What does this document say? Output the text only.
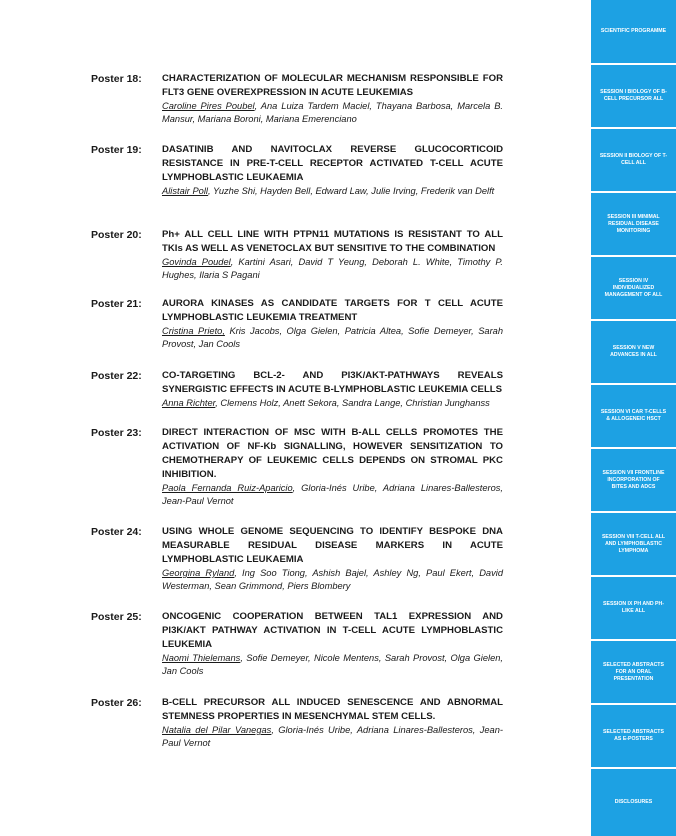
Poster 18:	CHARACTERIZATION OF MOLECULAR MECHANISM RESPONSIBLE FOR FLT3 GENE OVEREXPRESSION IN ACUTE LEUKEMIAS
Caroline Pires Poubel, Ana Luiza Tardem Maciel, Thayana Barbosa, Marcela B. Mansur, Mariana Boroni, Mariana Emerenciano
Poster 19:	DASATINIB AND NAVITOCLAX REVERSE GLUCOCORTICOID RESISTANCE IN PRE-T-CELL RECEPTOR ACTIVATED T-CELL ACUTE LYMPHOBLASTIC LEUKAEMIA
Alistair Poll, Yuzhe Shi, Hayden Bell, Edward Law, Julie Irving, Frederik van Delft
Poster 20:	Ph+ ALL CELL LINE WITH PTPN11 MUTATIONS IS RESISTANT TO ALL TKIs AS WELL AS VENETOCLAX BUT SENSITIVE TO THE COMBINATION
Govinda Poudel, Kartini Asari, David T Yeung, Deborah L. White, Timothy P. Hughes, Ilaria S Pagani
Poster 21:	AURORA KINASES AS CANDIDATE TARGETS FOR T CELL ACUTE LYMPHOBLASTIC LEUKEMIA TREATMENT
Cristina Prieto, Kris Jacobs, Olga Gielen, Patricia Altea, Sofie Demeyer, Sarah Provost, Jan Cools
Poster 22:	CO-TARGETING BCL-2- AND PI3K/AKT-PATHWAYS REVEALS SYNERGISTIC EFFECTS IN ACUTE B-LYMPHOBLASTIC LEUKEMIA CELLS
Anna Richter, Clemens Holz, Anett Sekora, Sandra Lange, Christian Junghanss
Poster 23:	DIRECT INTERACTION OF MSC WITH B-ALL CELLS PROMOTES THE ACTIVATION OF NF-Kb SIGNALLING, HOWEVER SENSITIZATION TO CHEMOTHERAPY OF LEUKEMIC CELLS DEPENDS ON STROMAL PKC INHIBITION.
Paola Fernanda Ruiz-Aparicio, Gloria-Inés Uribe, Adriana Linares-Ballesteros, Jean-Paul Vernot
Poster 24:	USING WHOLE GENOME SEQUENCING TO IDENTIFY BESPOKE DNA MEASURABLE RESIDUAL DISEASE MARKERS IN ACUTE LYMPHOBLASTIC LEUKAEMIA
Georgina Ryland, Ing Soo Tiong, Ashish Bajel, Ashley Ng, Paul Ekert, David Westerman, Sean Grimmond, Piers Blombery
Poster 25:	ONCOGENIC COOPERATION BETWEEN TAL1 EXPRESSION AND PI3K/AKT PATHWAY ACTIVATION IN T-CELL ACUTE LYMPHOBLASTIC LEUKEMIA
Naomi Thielemans, Sofie Demeyer, Nicole Mentens, Sarah Provost, Olga Gielen, Jan Cools
Poster 26:	B-CELL PRECURSOR ALL INDUCED SENESCENCE AND ABNORMAL STEMNESS PROPERTIES IN MESENCHYMAL STEM CELLS.
Natalia del Pilar Vanegas, Gloria-Inés Uribe, Adriana Linares-Ballesteros, Jean-Paul Vernot
SCIENTIFIC PROGRAMME
SESSION I BIOLOGY OF B-CELL PRECURSOR ALL
SESSION II BIOLOGY OF T-CELL ALL
SESSION III MINIMAL RESIDUAL DISEASE MONITORING
SESSION IV INDIVIDUALIZED MANAGEMENT OF ALL
SESSION V NEW ADVANCES IN ALL
SESSION VI CAR T-CELLS & ALLOGENEIC HSCT
SESSION VII FRONTLINE INCORPORATION OF BITES AND ADCS
SESSION VIII T-CELL ALL AND LYMPHOBLASTIC LYMPHOMA
SESSION IX PH AND PH-LIKE ALL
SELECTED ABSTRACTS FOR AN ORAL PRESENTATION
SELECTED ABSTRACTS AS E-POSTERS
DISCLOSURES
